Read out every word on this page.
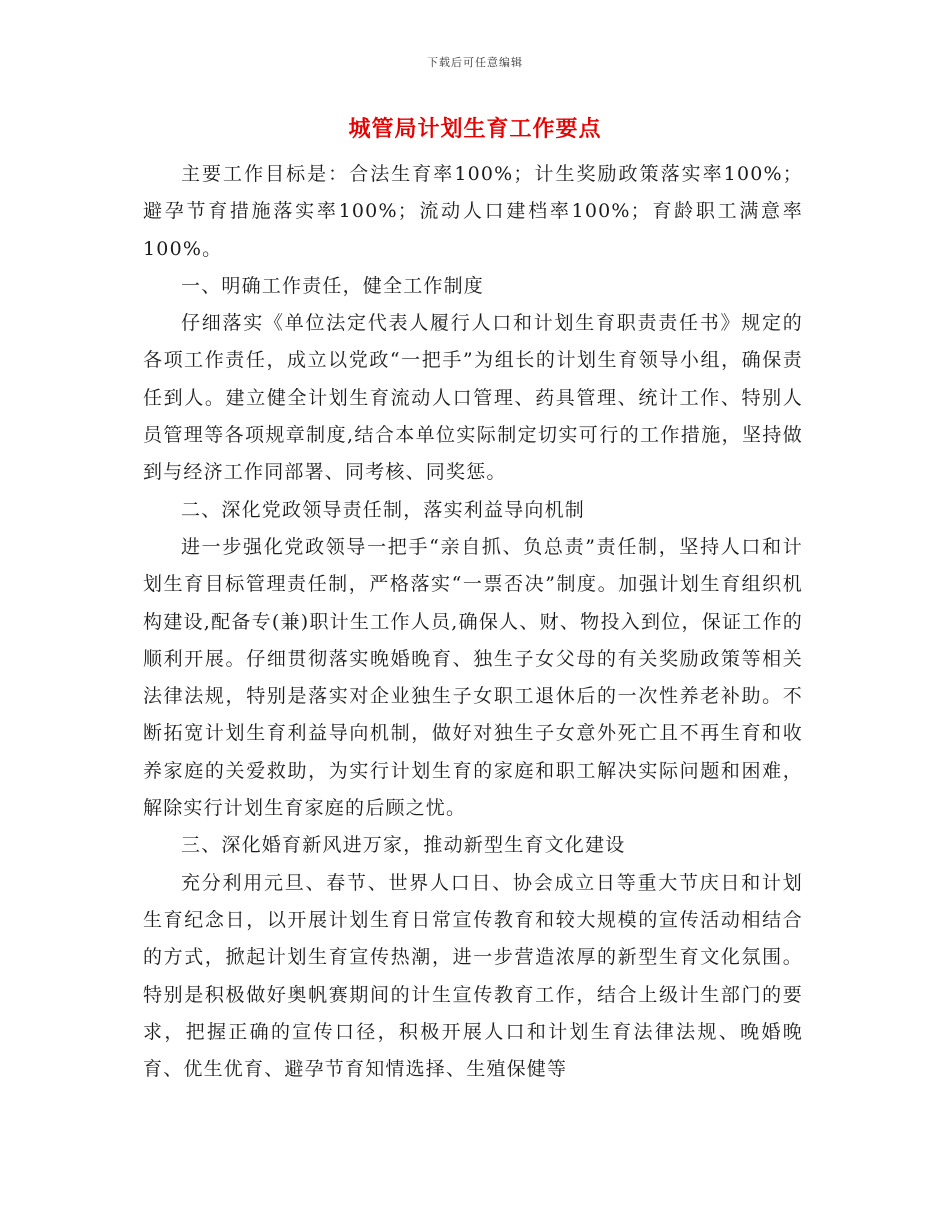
下载后可任意编辑
城管局计划生育工作要点

主要工作目标是：合法生育率100%；计生奖励政策落实率100%；避孕节育措施落实率100%；流动人口建档率100%；育龄职工满意率100%。

一、明确工作责任，健全工作制度

仔细落实《单位法定代表人履行人口和计划生育职责责任书》规定的各项工作责任，成立以党政“一把手”为组长的计划生育领导小组，确保责任到人。建立健全计划生育流动人口管理、药具管理、统计工作、特别人员管理等各项规章制度,结合本单位实际制定切实可行的工作措施，坚持做到与经济工作同部署、同考核、同奖惩。

二、深化党政领导责任制，落实利益导向机制

进一步强化党政领导一把手“亲自抓、负总责”责任制，坚持人口和计划生育目标管理责任制，严格落实“一票否决”制度。加强计划生育组织机构建设,配备专(兼)职计生工作人员,确保人、财、物投入到位，保证工作的顺利开展。仔细贯彻落实晚婚晚育、独生子女父母的有关奖励政策等相关法律法规，特别是落实对企业独生子女职工退休后的一次性养老补助。不断拓宽计划生育利益导向机制，做好对独生子女意外死亡且不再生育和收养家庭的关爱救助，为实行计划生育的家庭和职工解决实际问题和困难，解除实行计划生育家庭的后顾之忧。

三、深化婚育新风进万家，推动新型生育文化建设

充分利用元旦、春节、世界人口日、协会成立日等重大节庆日和计划生育纪念日，以开展计划生育日常宣传教育和较大规模的宣传活动相结合的方式，掀起计划生育宣传热潮，进一步营造浓厚的新型生育文化氛围。特别是积极做好奥帆赛期间的计生宣传教育工作，结合上级计生部门的要求，把握正确的宣传口径，积极开展人口和计划生育法律法规、晚婚晚育、优生优育、避孕节育知情选择、生殖保健等
